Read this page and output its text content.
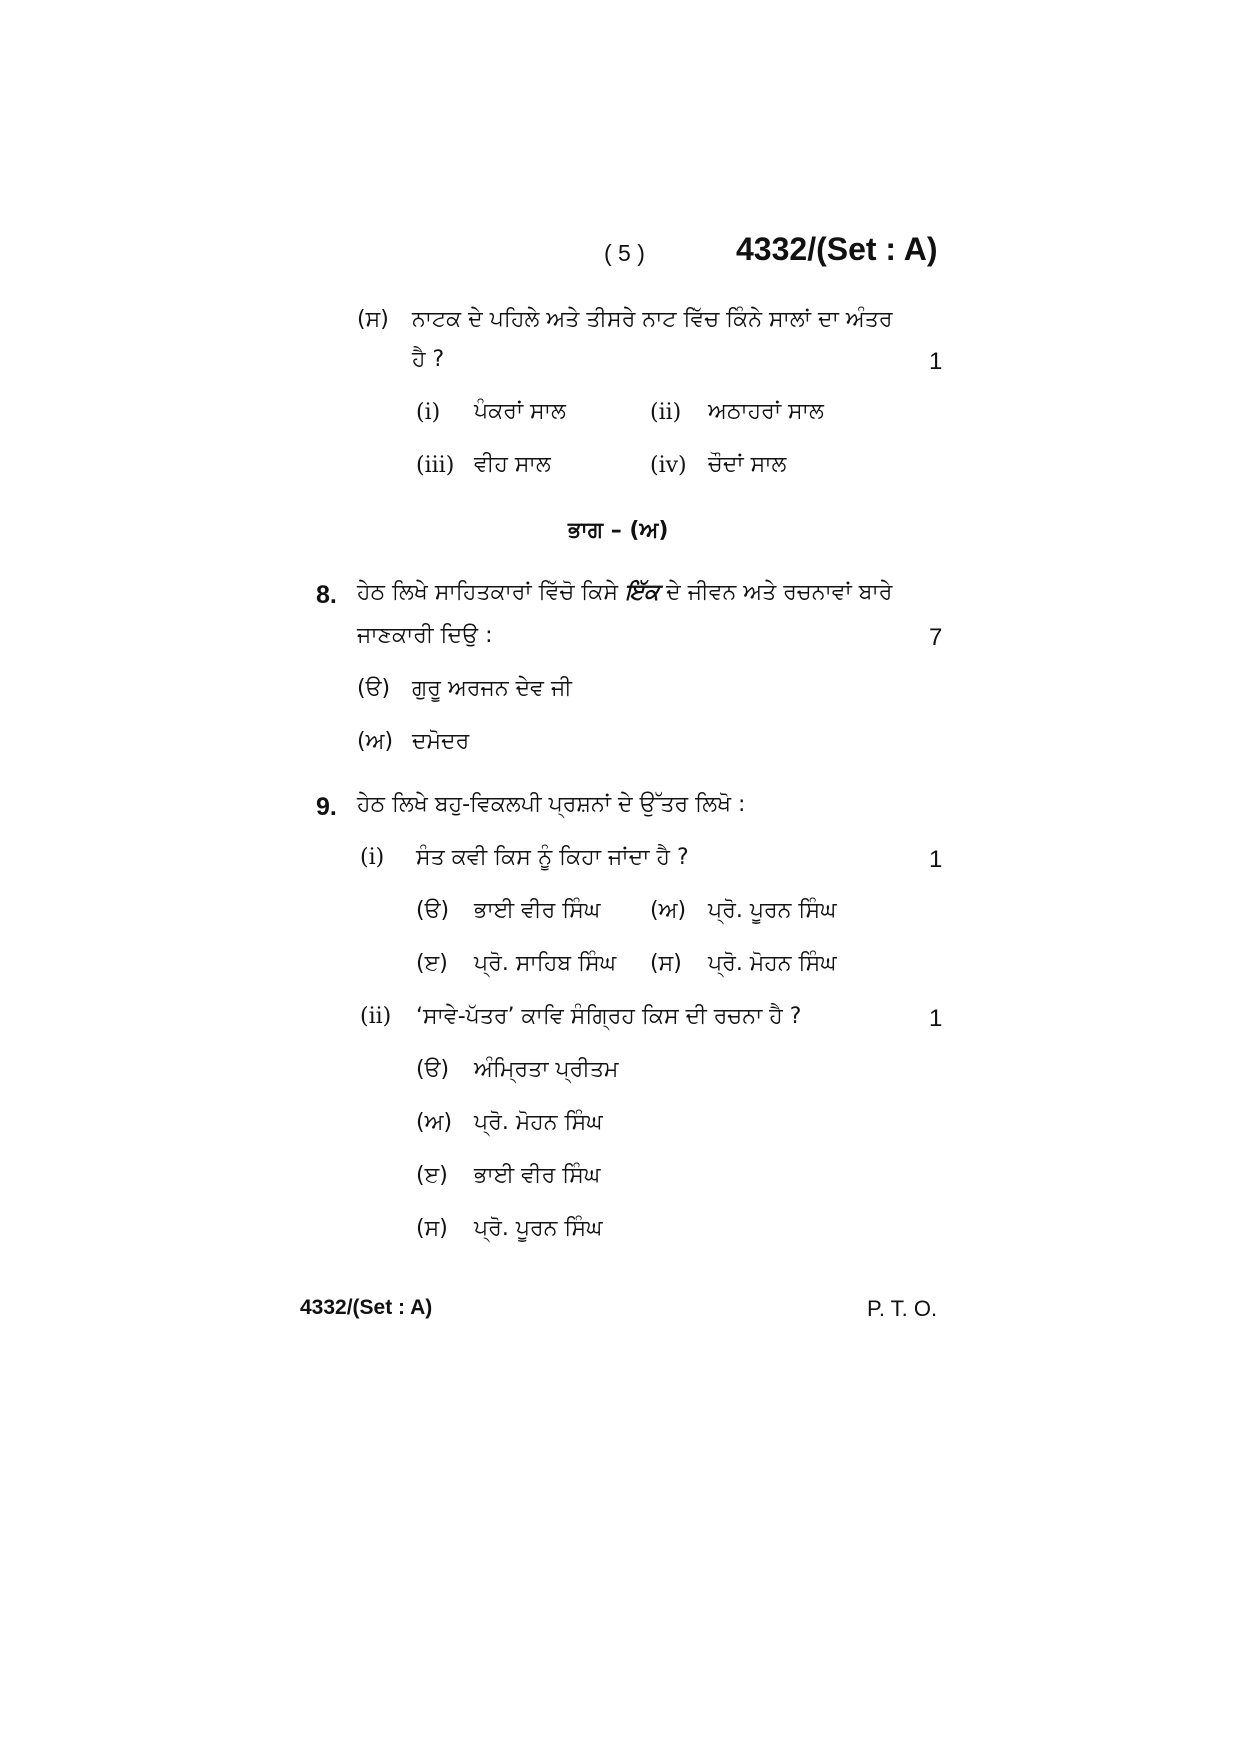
( 5 )	4332/(Set : A)
(ਸ) ਨਾਟਕ ਦੇ ਪਹਿਲੇ ਅਤੇ ਤੀਸਰੇ ਨਾਟ ਵਿੱਚ ਕਿੰਨੇ ਸਾਲਾਂ ਦਾ ਅੰਤਰ
ਹੈ ?	1
(i) ਪੰਕਰਾਂ ਸਾਲ	(ii) ਅਠਾਹਰਾਂ ਸਾਲ
(iii) ਵੀਹ ਸਾਲ	(iv) ਚੌਦਾਂ ਸਾਲ
ਭਾਗ – (ਅ)
8. ਹੇਠ ਲਿਖੇ ਸਾਹਿਤਕਾਰਾਂ ਵਿੱਚੋ ਕਿਸੇ ਇੱਕ ਦੇ ਜੀਵਨ ਅਤੇ ਰਚਨਾਵਾਂ ਬਾਰੇ
ਜਾਣਕਾਰੀ ਦਿਉ :	7
(ੳ) ਗੁਰੂ ਅਰਜਨ ਦੇਵ ਜੀ
(ਅ) ਦਮੋਦਰ
9. ਹੇਠ ਲਿਖੇ ਬਹੁ-ਵਿਕਲਪੀ ਪ੍ਰਸ਼ਨਾਂ ਦੇ ਉੱਤਰ ਲਿਖੋ :
(i) ਸੰਤ ਕਵੀ ਕਿਸ ਨੂੰ ਕਿਹਾ ਜਾਂਦਾ ਹੈ ?	1
(ੳ) ਭਾਈ ਵੀਰ ਸਿੰਘ (ਅ) ਪ੍ਰੋ. ਪੂਰਨ ਸਿੰਘ
(ੲ) ਪ੍ਰੋ. ਸਾਹਿਬ ਸਿੰਘ (ਸ) ਪ੍ਰੋ. ਮੋਹਨ ਸਿੰਘ
(ii) ‘ਸਾਵੇ-ਪੱਤਰ’ ਕਾਵਿ ਸੰਗ੍ਰਿਹ ਕਿਸ ਦੀ ਰਚਨਾ ਹੈ ?	1
(ੳ) ਅੰਮ੍ਰਿਤਾ ਪ੍ਰੀਤਮ
(ਅ) ਪ੍ਰੋ. ਮੋਹਨ ਸਿੰਘ
(ੲ) ਭਾਈ ਵੀਰ ਸਿੰਘ
(ਸ) ਪ੍ਰੋ. ਪੂਰਨ ਸਿੰਘ
4332/(Set : A)	P. T. O.
